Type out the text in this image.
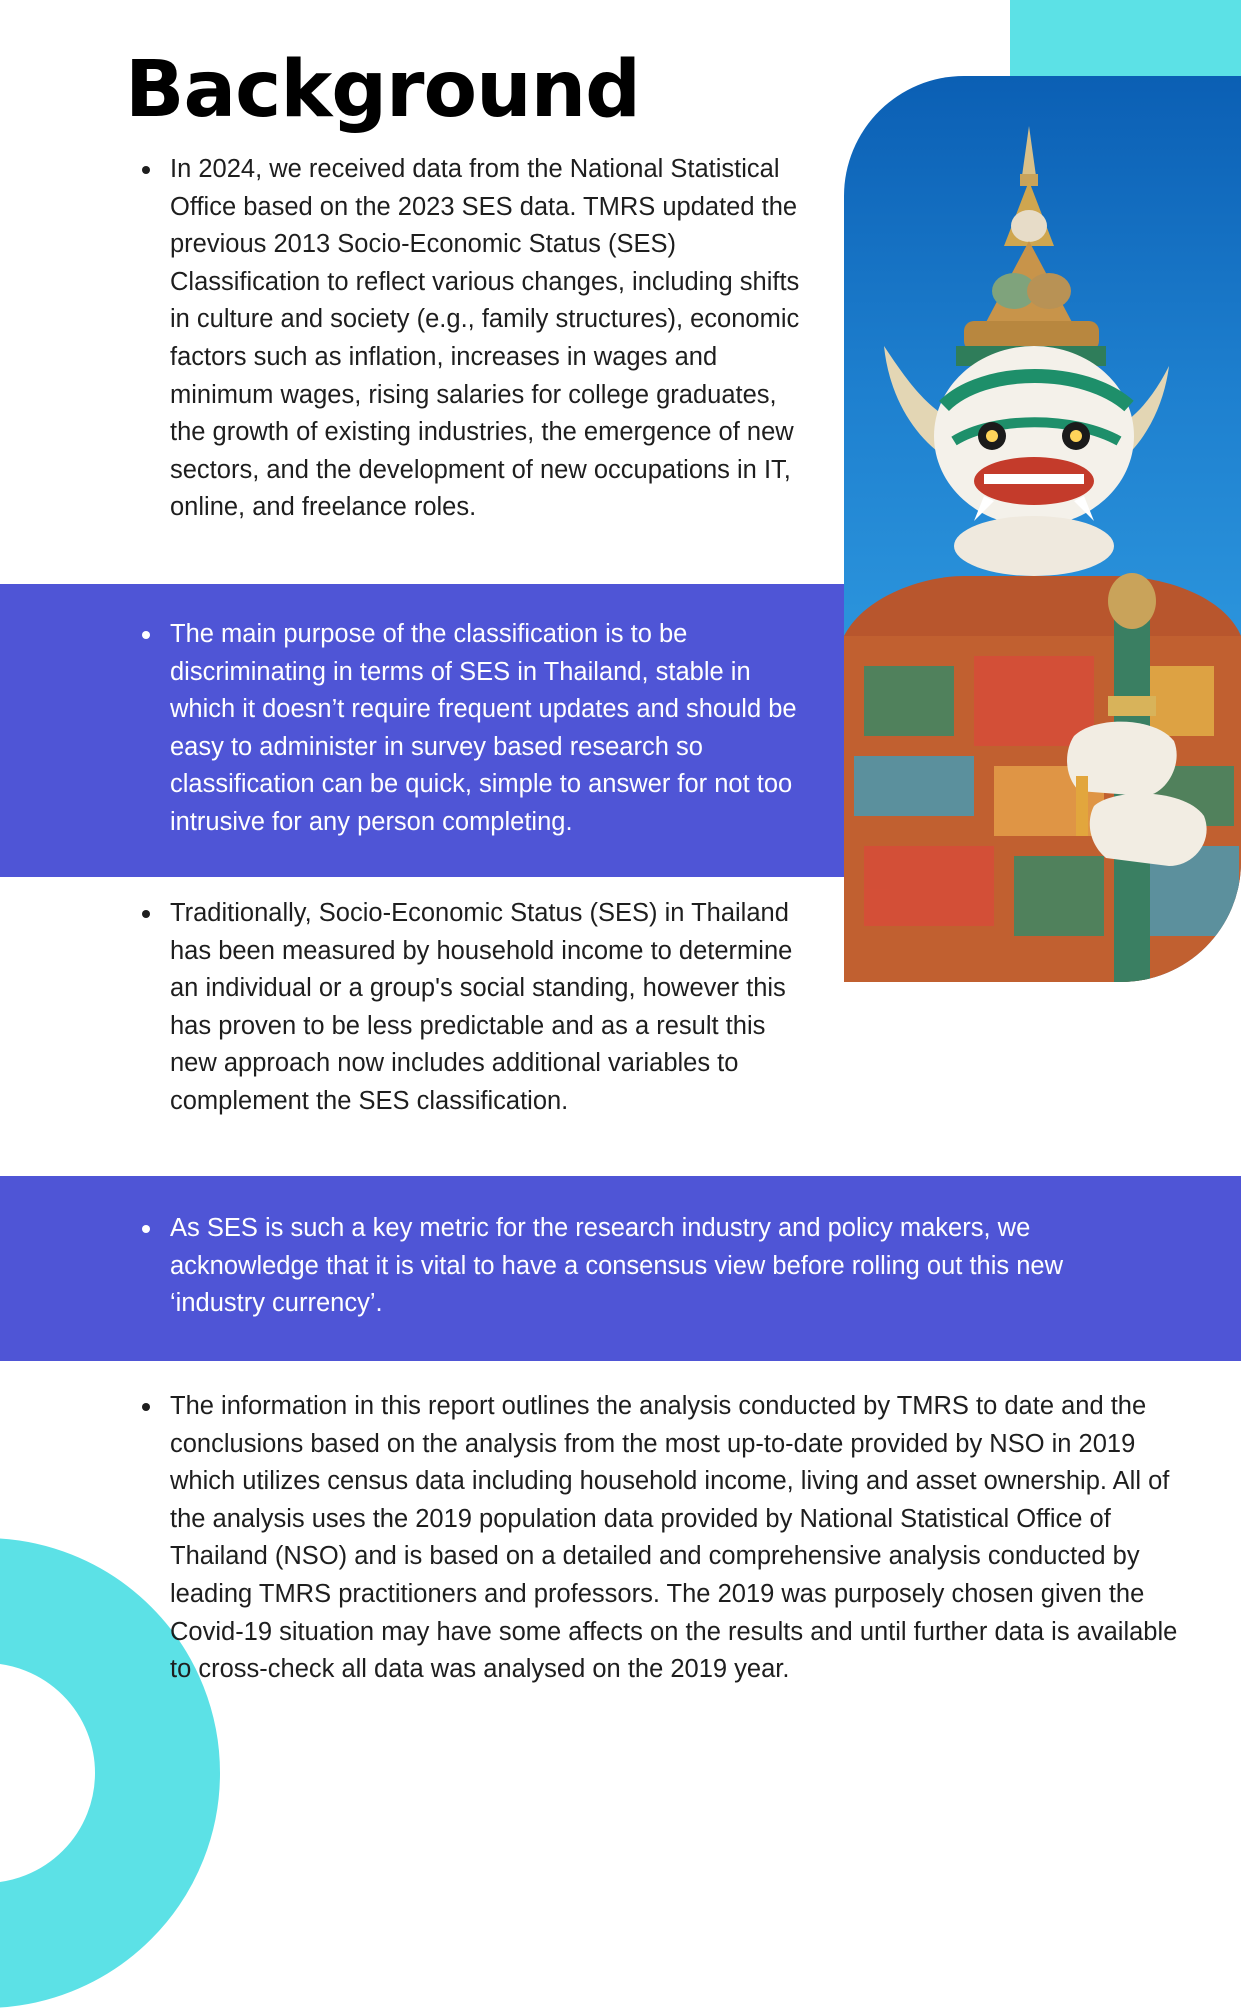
Background

In 2024, we received data from the National Statistical Office based on the 2023 SES data. TMRS updated the previous 2013 Socio-Economic Status (SES) Classification to reflect various changes, including shifts in culture and society (e.g., family structures), economic factors such as inflation, increases in wages and minimum wages, rising salaries for college graduates, the growth of existing industries, the emergence of new sectors, and the development of new occupations in IT, online, and freelance roles.

The main purpose of the classification is to be discriminating in terms of SES in Thailand, stable in which it doesn’t require frequent updates and should be easy to administer in survey based research so classification can be quick, simple to answer for not too intrusive for any person completing.

Traditionally, Socio-Economic Status (SES) in Thailand has been measured by household income to determine an individual or a group's social standing, however this has proven to be less predictable and as a result this new approach now includes additional variables to complement the SES classification.

As SES is such a key metric for the research industry and policy makers, we acknowledge that it is vital to have a consensus view before rolling out this new ‘industry currency’.

The information in this report outlines the analysis conducted by TMRS to date and the conclusions based on the analysis from the most up-to-date provided by NSO in 2019 which utilizes census data including household income, living and asset ownership. All of the analysis uses the 2019 population data provided by National Statistical Office of Thailand (NSO) and is based on a detailed and comprehensive analysis conducted by leading TMRS practitioners and professors. The 2019 was purposely chosen given the Covid-19 situation may have some affects on the results and until further data is available to cross-check all data was analysed on the 2019 year.
